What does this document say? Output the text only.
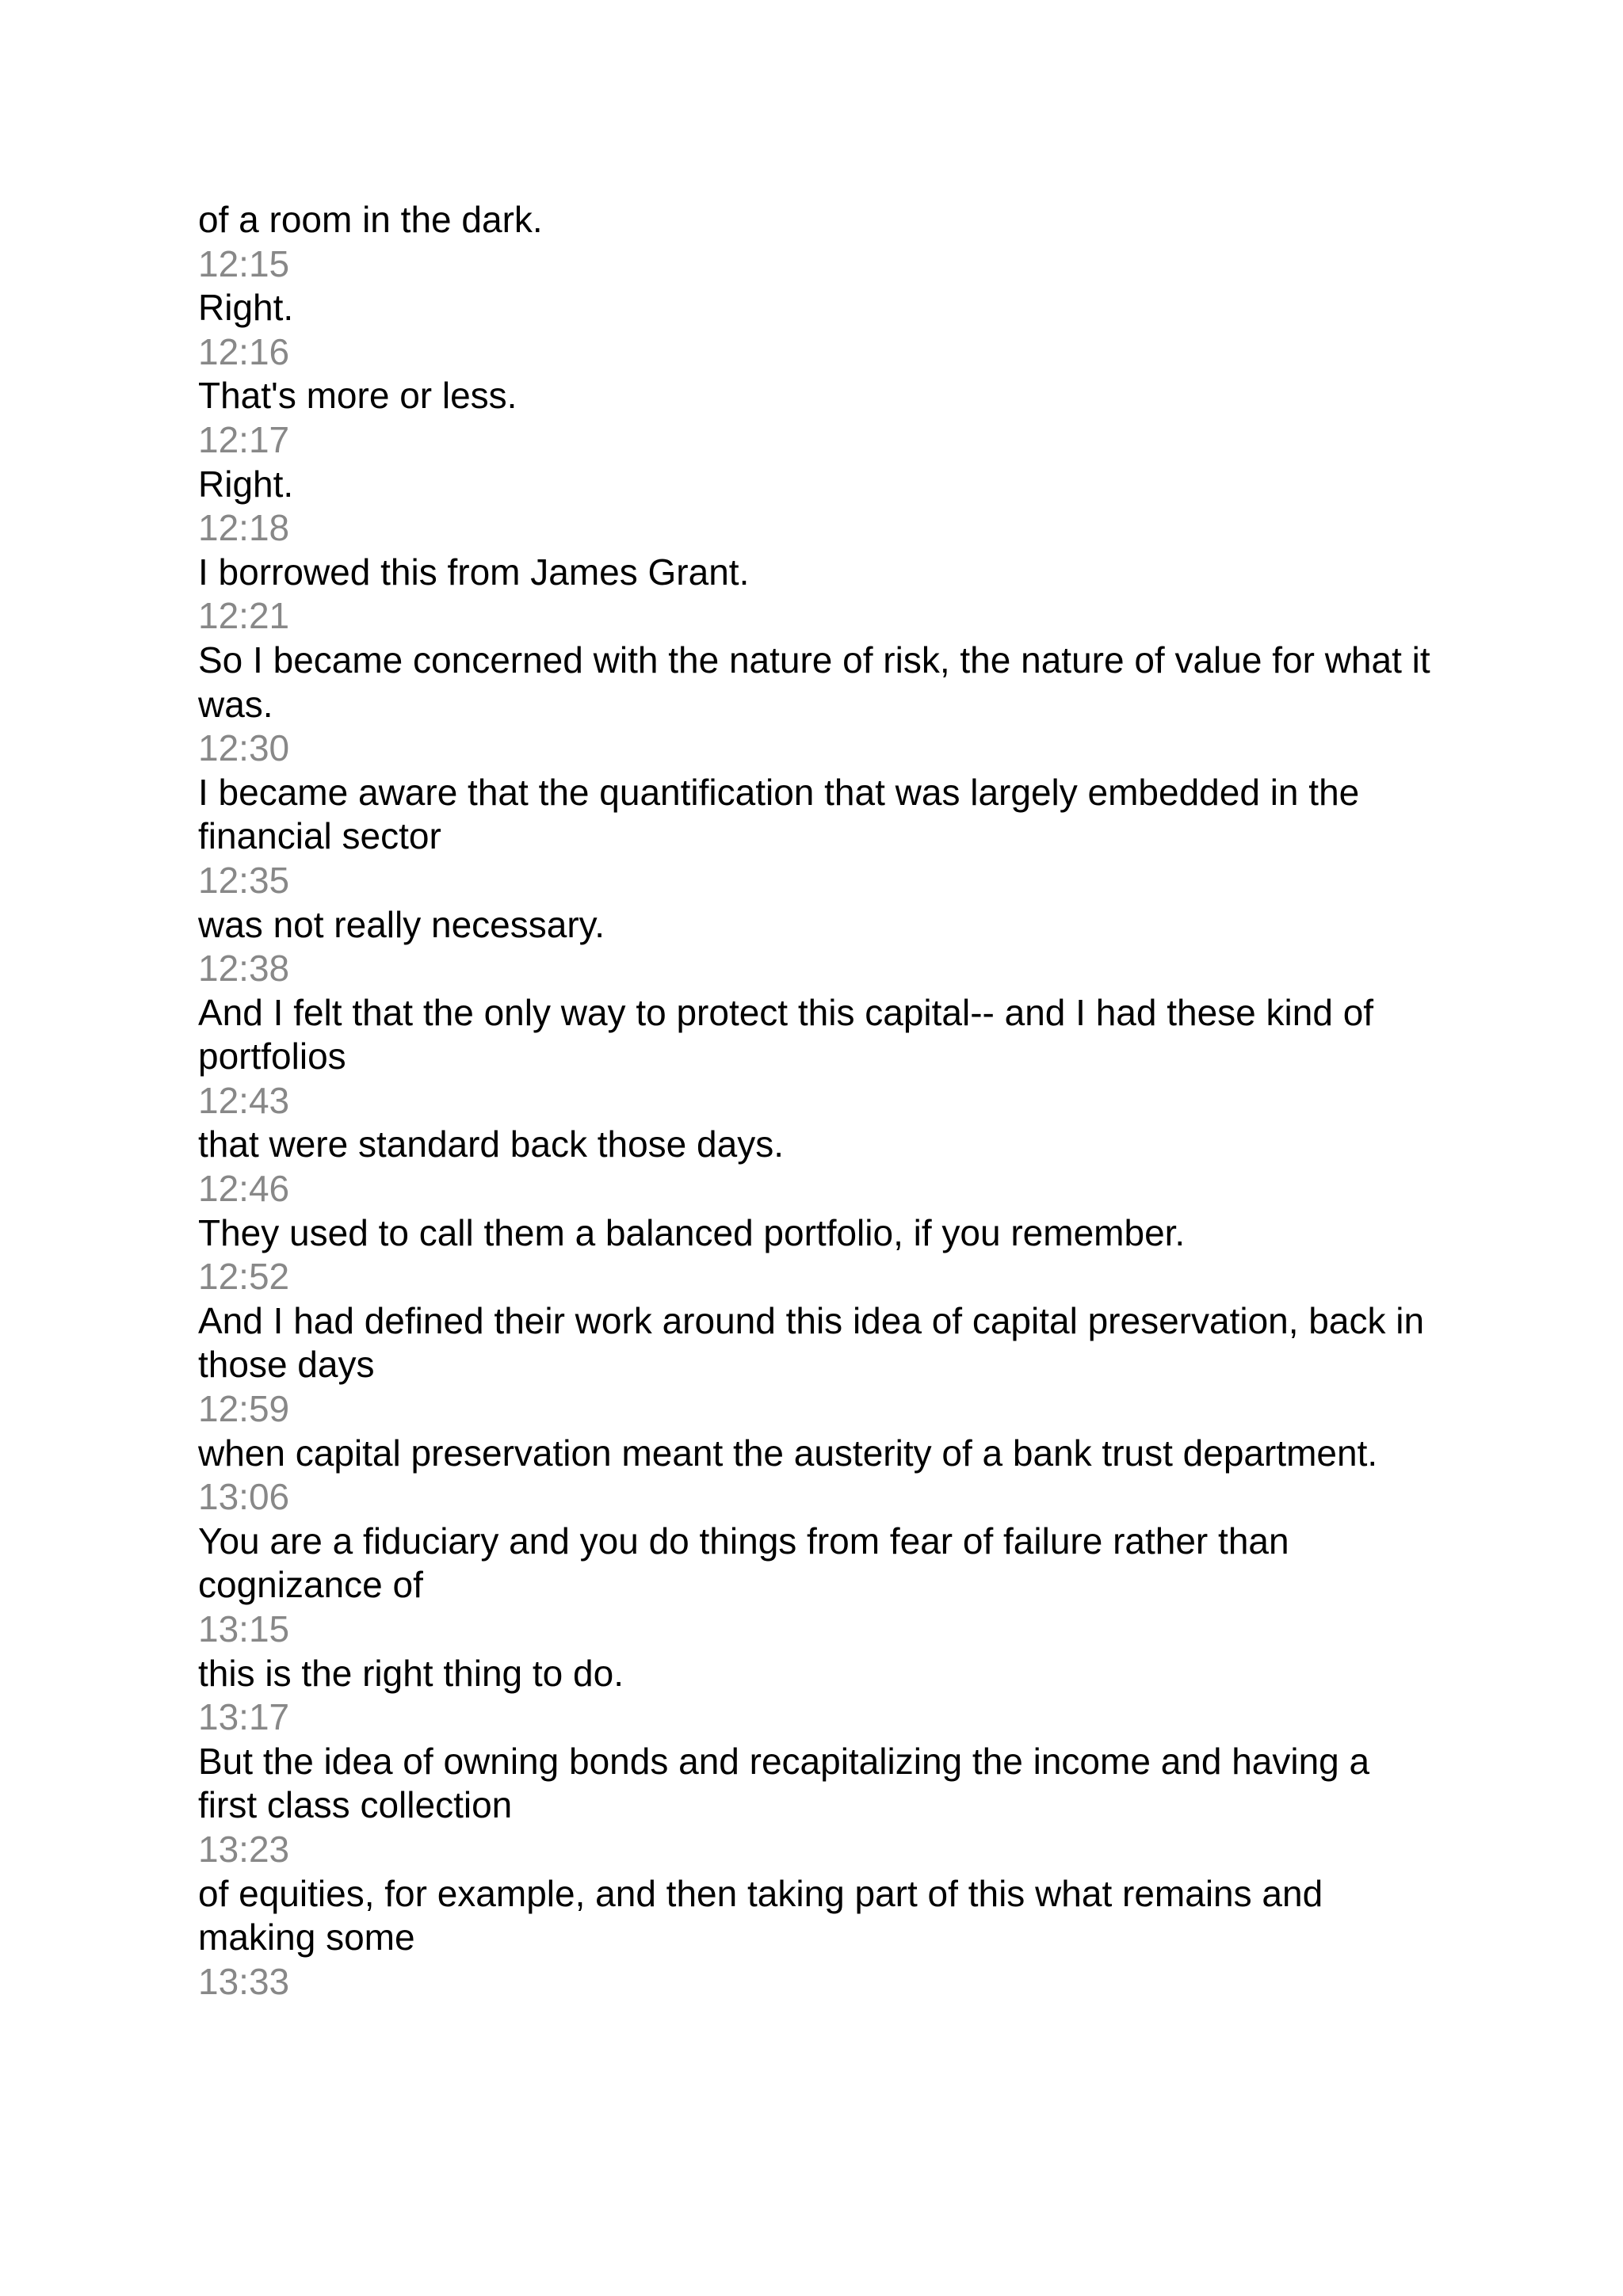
of a room in the dark.

12:15

Right.

12:16

That's more or less.

12:17

Right.

12:18

I borrowed this from James Grant.

12:21

So I became concerned with the nature of risk, the nature of value for what it was.

12:30

I became aware that the quantification that was largely embedded in the financial sector

12:35

was not really necessary.

12:38

And I felt that the only way to protect this capital-- and I had these kind of portfolios

12:43

that were standard back those days.

12:46

They used to call them a balanced portfolio, if you remember.

12:52

And I had defined their work around this idea of capital preservation, back in those days

12:59

when capital preservation meant the austerity of a bank trust department.

13:06

You are a fiduciary and you do things from fear of failure rather than cognizance of

13:15

this is the right thing to do.

13:17

But the idea of owning bonds and recapitalizing the income and having a first class collection

13:23

of equities, for example, and then taking part of this what remains and making some

13:33
